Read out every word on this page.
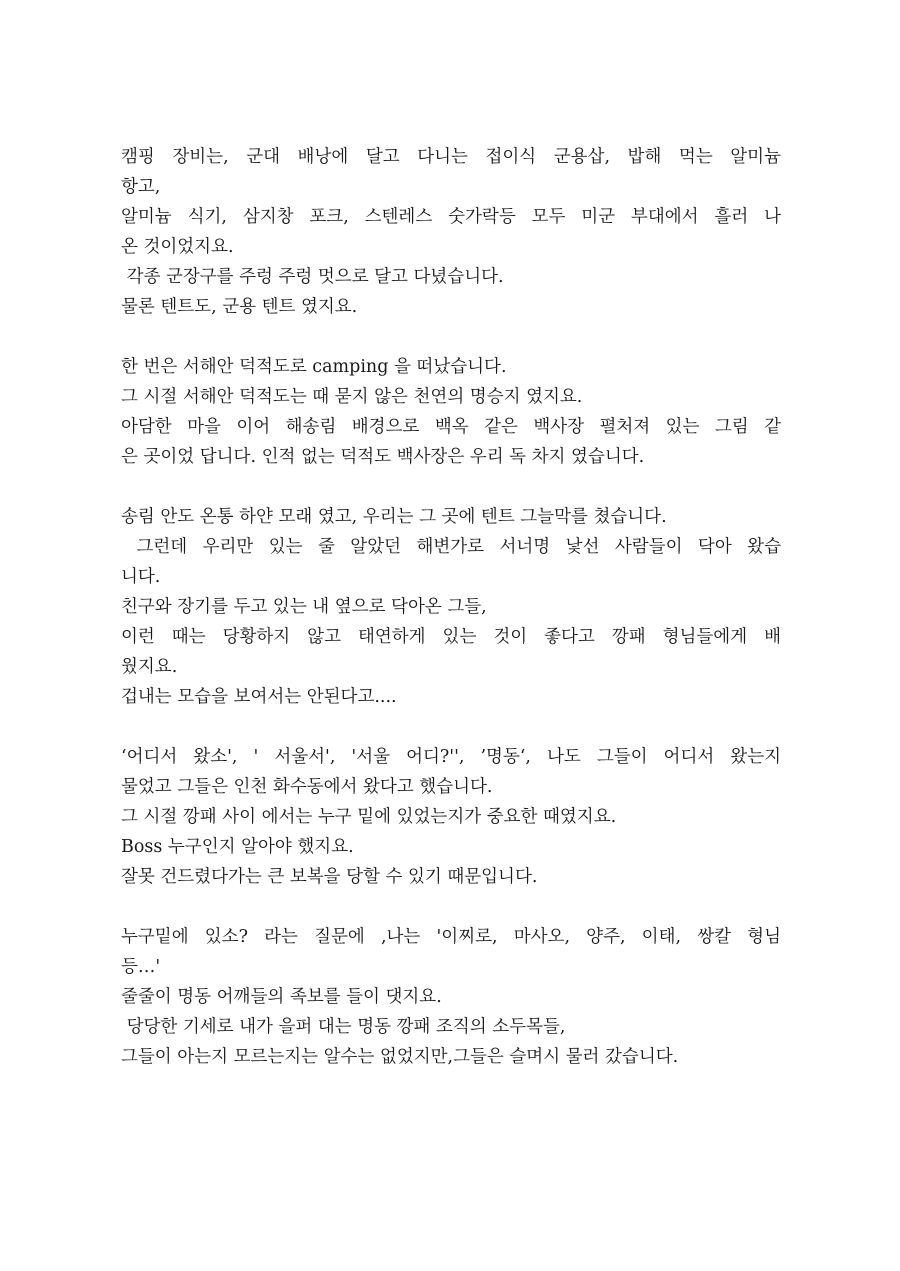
캠핑 장비는, 군대 배낭에 달고 다니는 접이식 군용삽, 밥해 먹는 알미늄

항고,

알미늄 식기, 삼지창 포크, 스텐레스 숫가락등 모두 미군 부대에서 흘러 나

온 것이었지요.

각종 군장구를 주렁 주렁 멋으로 달고 다녔습니다.

물론 텐트도, 군용 텐트 였지요.

한 번은 서해안 덕적도로 camping 을 떠났습니다.

그 시절 서해안 덕적도는 때 묻지 않은 천연의 명승지 였지요.

아담한 마을 이어 해송림 배경으로 백옥 같은 백사장 펼처져 있는 그림 같

은 곳이었 답니다. 인적 없는 덕적도 백사장은 우리 독 차지 였습니다.

송림 안도 온통 하얀 모래 였고, 우리는 그 곳에 텐트 그늘막를 쳤습니다.

그런데 우리만 있는 줄 알았던 해변가로 서너명 낯선 사람들이 닥아 왔습

니다.

친구와 장기를 두고 있는 내 옆으로 닥아온 그들,

이런 때는 당황하지 않고 태연하게 있는 것이 좋다고 깡패 형님들에게 배

웠지요.

겁내는 모습을 보여서는 안된다고....

‘어디서 왔소', ' 서울서', '서울 어디?'', ’명동‘, 나도 그들이 어디서 왔는지

물었고 그들은 인천 화수동에서 왔다고 했습니다.

그 시절 깡패 사이 에서는 누구 밑에 있었는지가 중요한 때였지요.

Boss 누구인지 알아야 했지요.

잘못 건드렸다가는 큰 보복을 당할 수 있기 때문입니다.

누구밑에 있소? 라는 질문에 ,나는 '이찌로, 마사오, 양주, 이태, 쌍칼 형님

등…'

줄줄이 명동 어깨들의 족보를 들이 댓지요.

당당한 기세로 내가 을퍼 대는 명동 깡패 조직의 소두목들,

그들이 아는지 모르는지는 알수는 없었지만,그들은 슬며시 물러 갔습니다.
